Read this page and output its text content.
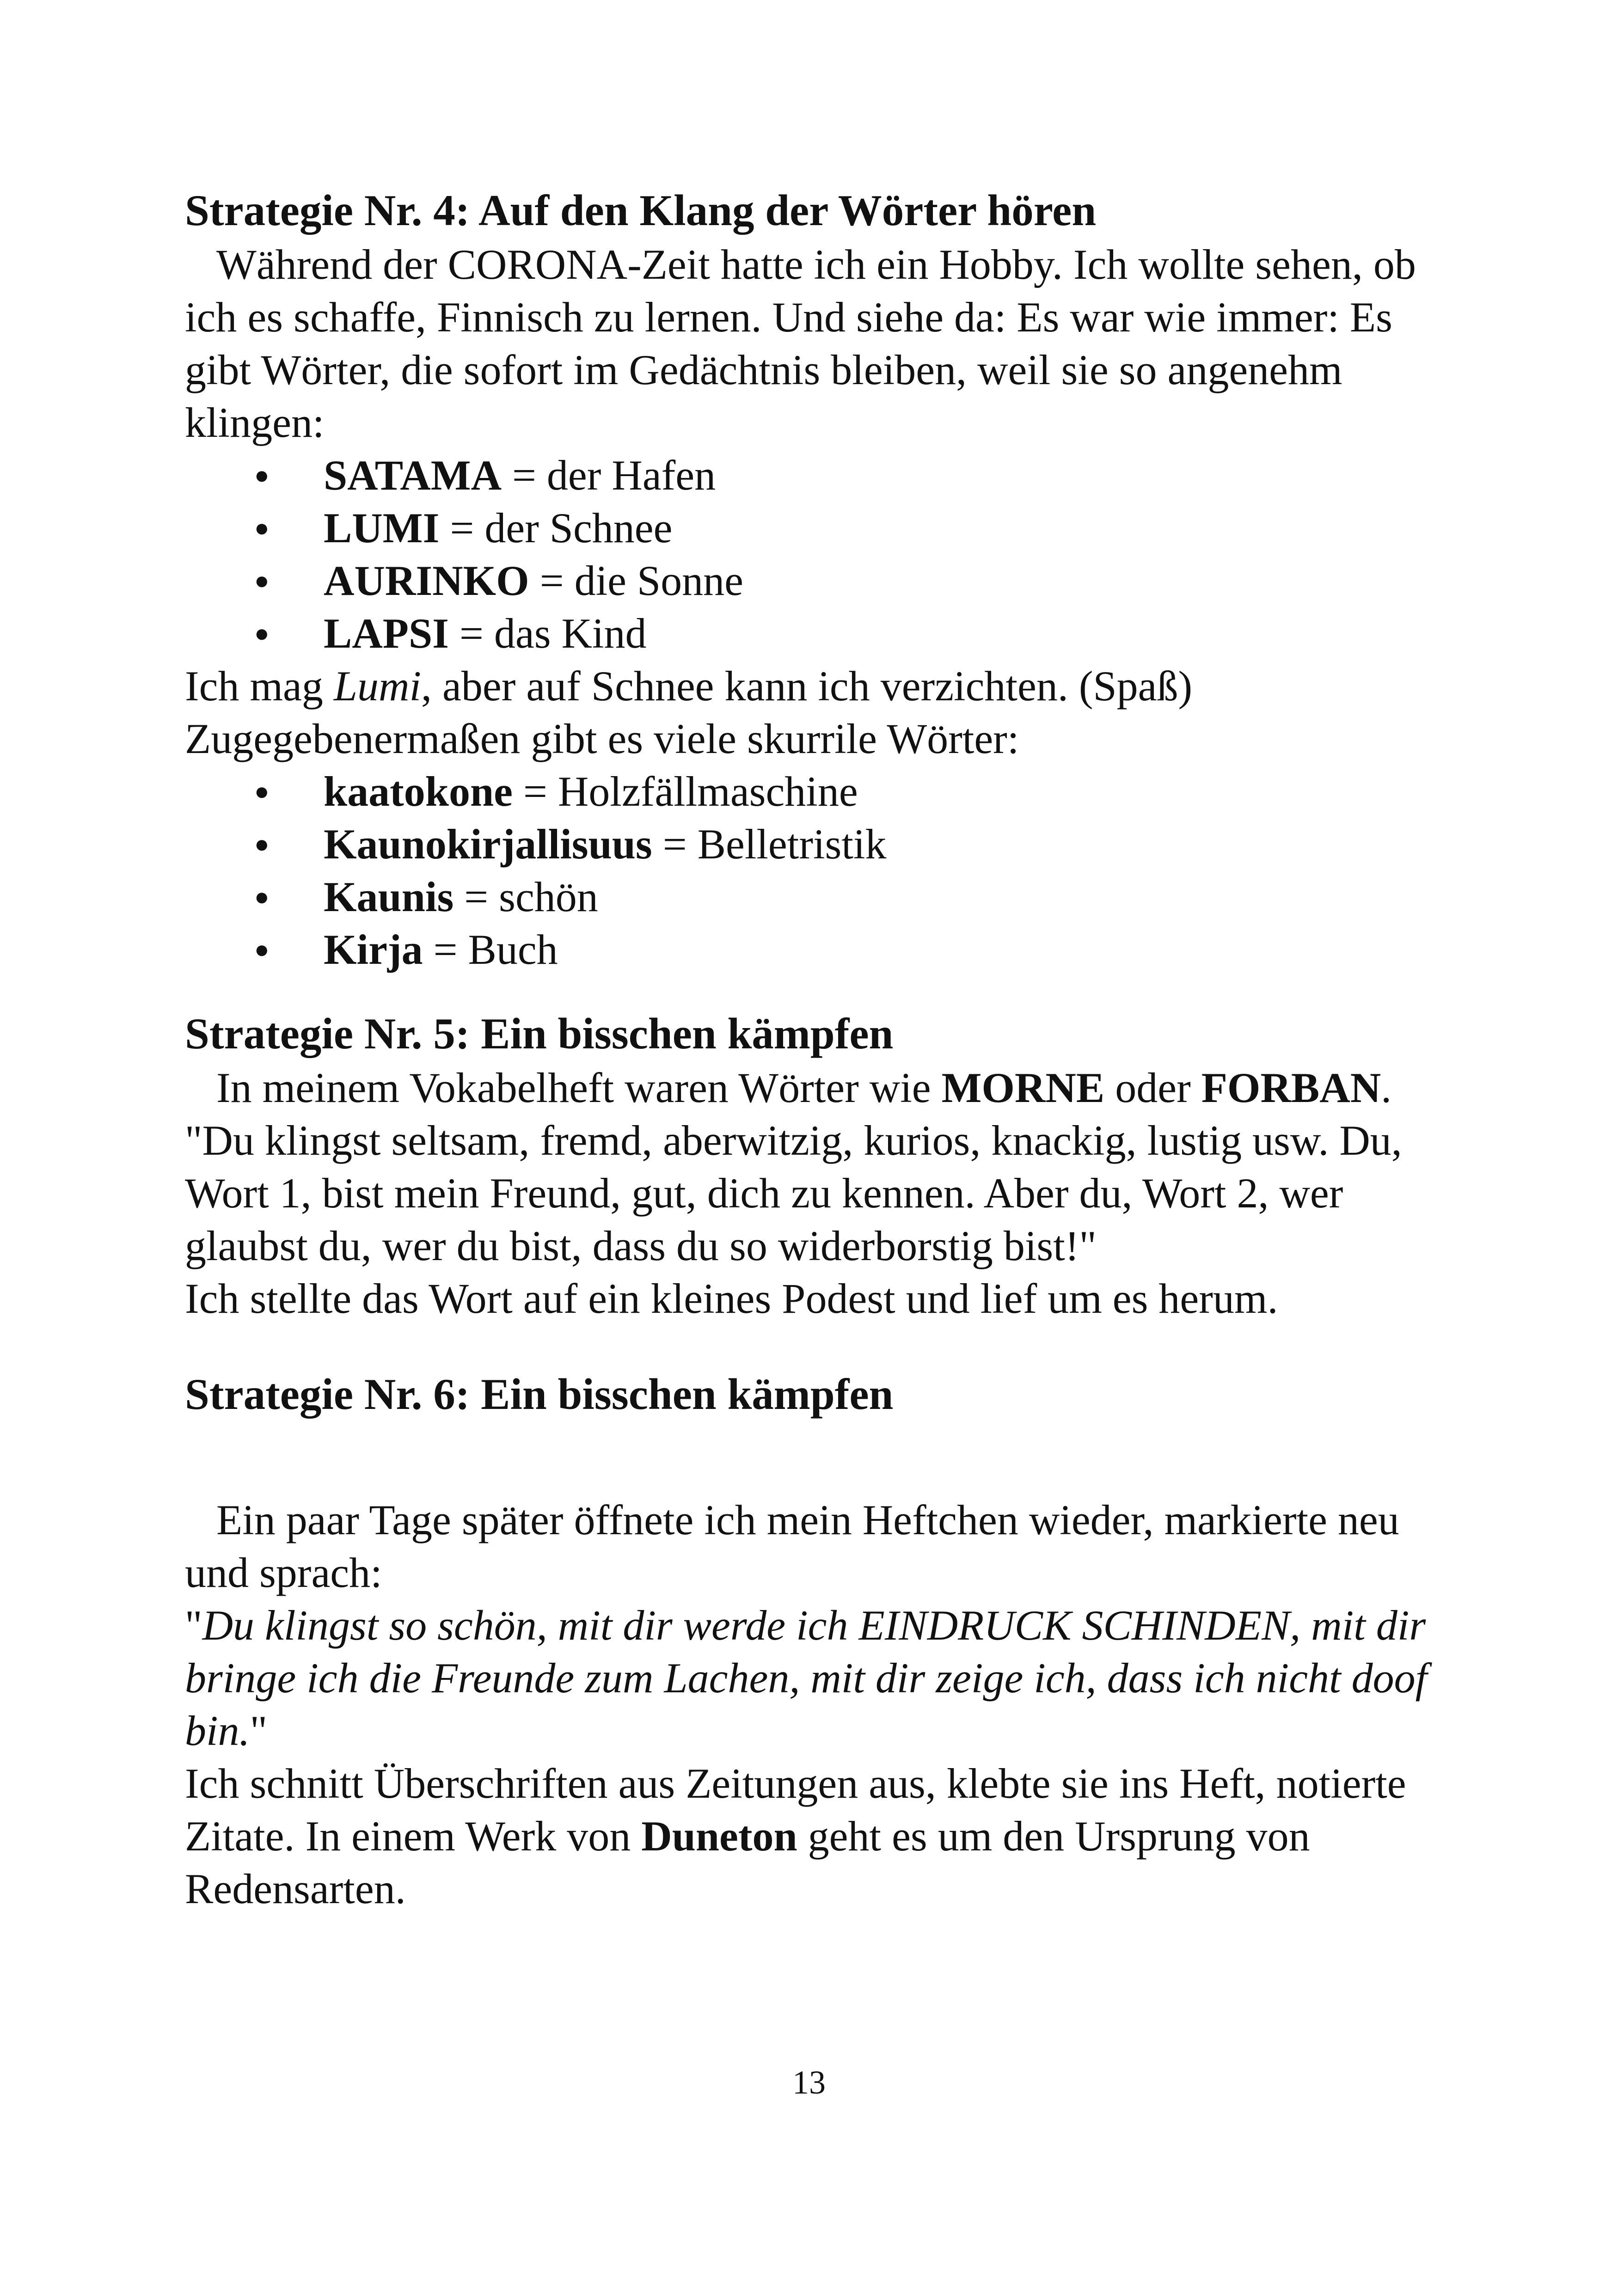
Strategie Nr. 4: Auf den Klang der Wörter hören

Während der CORONA-Zeit hatte ich ein Hobby. Ich wollte sehen, ob ich es schaffe, Finnisch zu lernen. Und siehe da: Es war wie immer: Es gibt Wörter, die sofort im Gedächtnis bleiben, weil sie so angenehm klingen:

● SATAMA = der Hafen
● LUMI = der Schnee
● AURINKO = die Sonne
● LAPSI = das Kind

Ich mag Lumi, aber auf Schnee kann ich verzichten. (Spaß)

Zugegebenermaßen gibt es viele skurrile Wörter:

● kaatokone = Holzfällmaschine
● Kaunokirjallisuus = Belletristik
● Kaunis = schön
● Kirja = Buch
Strategie Nr. 5: Ein bisschen kämpfen

In meinem Vokabelheft waren Wörter wie MORNE oder FORBAN.

"Du klingst seltsam, fremd, aberwitzig, kurios, knackig, lustig usw. Du, Wort 1, bist mein Freund, gut, dich zu kennen. Aber du, Wort 2, wer glaubst du, wer du bist, dass du so widerborstig bist!"

Ich stellte das Wort auf ein kleines Podest und lief um es herum.

Strategie Nr. 6: Ein bisschen kämpfen

Ein paar Tage später öffnete ich mein Heftchen wieder, markierte neu und sprach:

"Du klingst so schön, mit dir werde ich EINDRUCK SCHINDEN, mit dir bringe ich die Freunde zum Lachen, mit dir zeige ich, dass ich nicht doof bin."

Ich schnitt Überschriften aus Zeitungen aus, klebte sie ins Heft, notierte Zitate. In einem Werk von Duneton geht es um den Ursprung von Redensarten.

13
